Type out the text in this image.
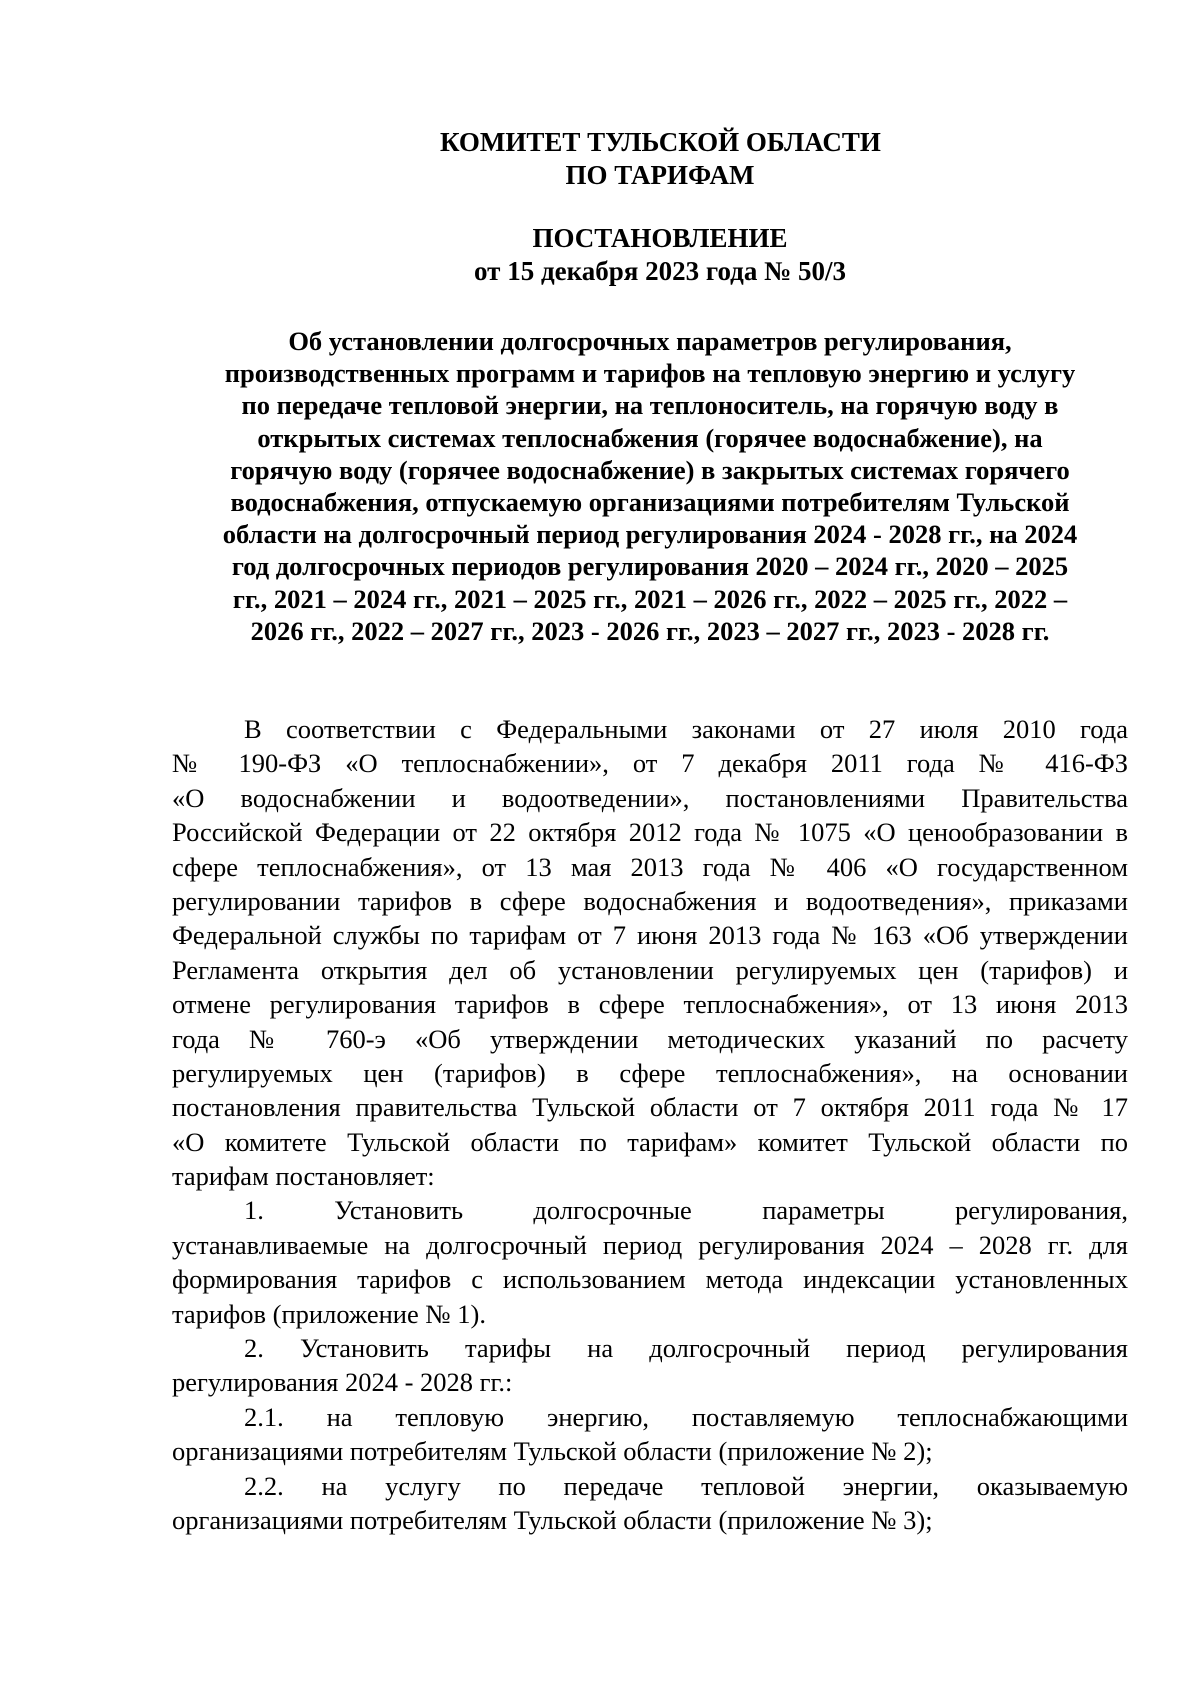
КОМИТЕТ ТУЛЬСКОЙ ОБЛАСТИ
ПО ТАРИФАМ
ПОСТАНОВЛЕНИЕ
от 15 декабря 2023 года № 50/3
Об установлении долгосрочных параметров регулирования,
производственных программ и тарифов на тепловую энергию и услугу
по передаче тепловой энергии, на теплоноситель, на горячую воду в
открытых системах теплоснабжения (горячее водоснабжение), на
горячую воду (горячее водоснабжение) в закрытых системах горячего
водоснабжения, отпускаемую организациями потребителям Тульской
области на долгосрочный период регулирования 2024 - 2028 гг., на 2024
год долгосрочных периодов регулирования 2020 – 2024 гг., 2020 – 2025
гг., 2021 – 2024 гг., 2021 – 2025 гг., 2021 – 2026 гг., 2022 – 2025 гг., 2022 –
2026 гг., 2022 – 2027 гг., 2023 - 2026 гг., 2023 – 2027 гг., 2023 - 2028 гг.
В соответствии с Федеральными законами от 27 июля 2010 года
№ 190-ФЗ «О теплоснабжении», от 7 декабря 2011 года № 416-ФЗ
«О водоснабжении и водоотведении», постановлениями Правительства
Российской Федерации от 22 октября 2012 года № 1075 «О ценообразовании в
сфере теплоснабжения», от 13 мая 2013 года № 406 «О государственном
регулировании тарифов в сфере водоснабжения и водоотведения», приказами
Федеральной службы по тарифам от 7 июня 2013 года № 163 «Об утверждении
Регламента открытия дел об установлении регулируемых цен (тарифов) и
отмене регулирования тарифов в сфере теплоснабжения», от 13 июня 2013
года № 760-э «Об утверждении методических указаний по расчету
регулируемых цен (тарифов) в сфере теплоснабжения», на основании
постановления правительства Тульской области от 7 октября 2011 года № 17
«О комитете Тульской области по тарифам» комитет Тульской области по
тарифам постановляет:
1. Установить долгосрочные параметры регулирования,
устанавливаемые на долгосрочный период регулирования 2024 – 2028 гг. для
формирования тарифов с использованием метода индексации установленных
тарифов (приложение № 1).
2. Установить тарифы на долгосрочный период регулирования
регулирования 2024 - 2028 гг.:
2.1. на тепловую энергию, поставляемую теплоснабжающими
организациями потребителям Тульской области (приложение № 2);
2.2. на услугу по передаче тепловой энергии, оказываемую
организациями потребителям Тульской области (приложение № 3);
